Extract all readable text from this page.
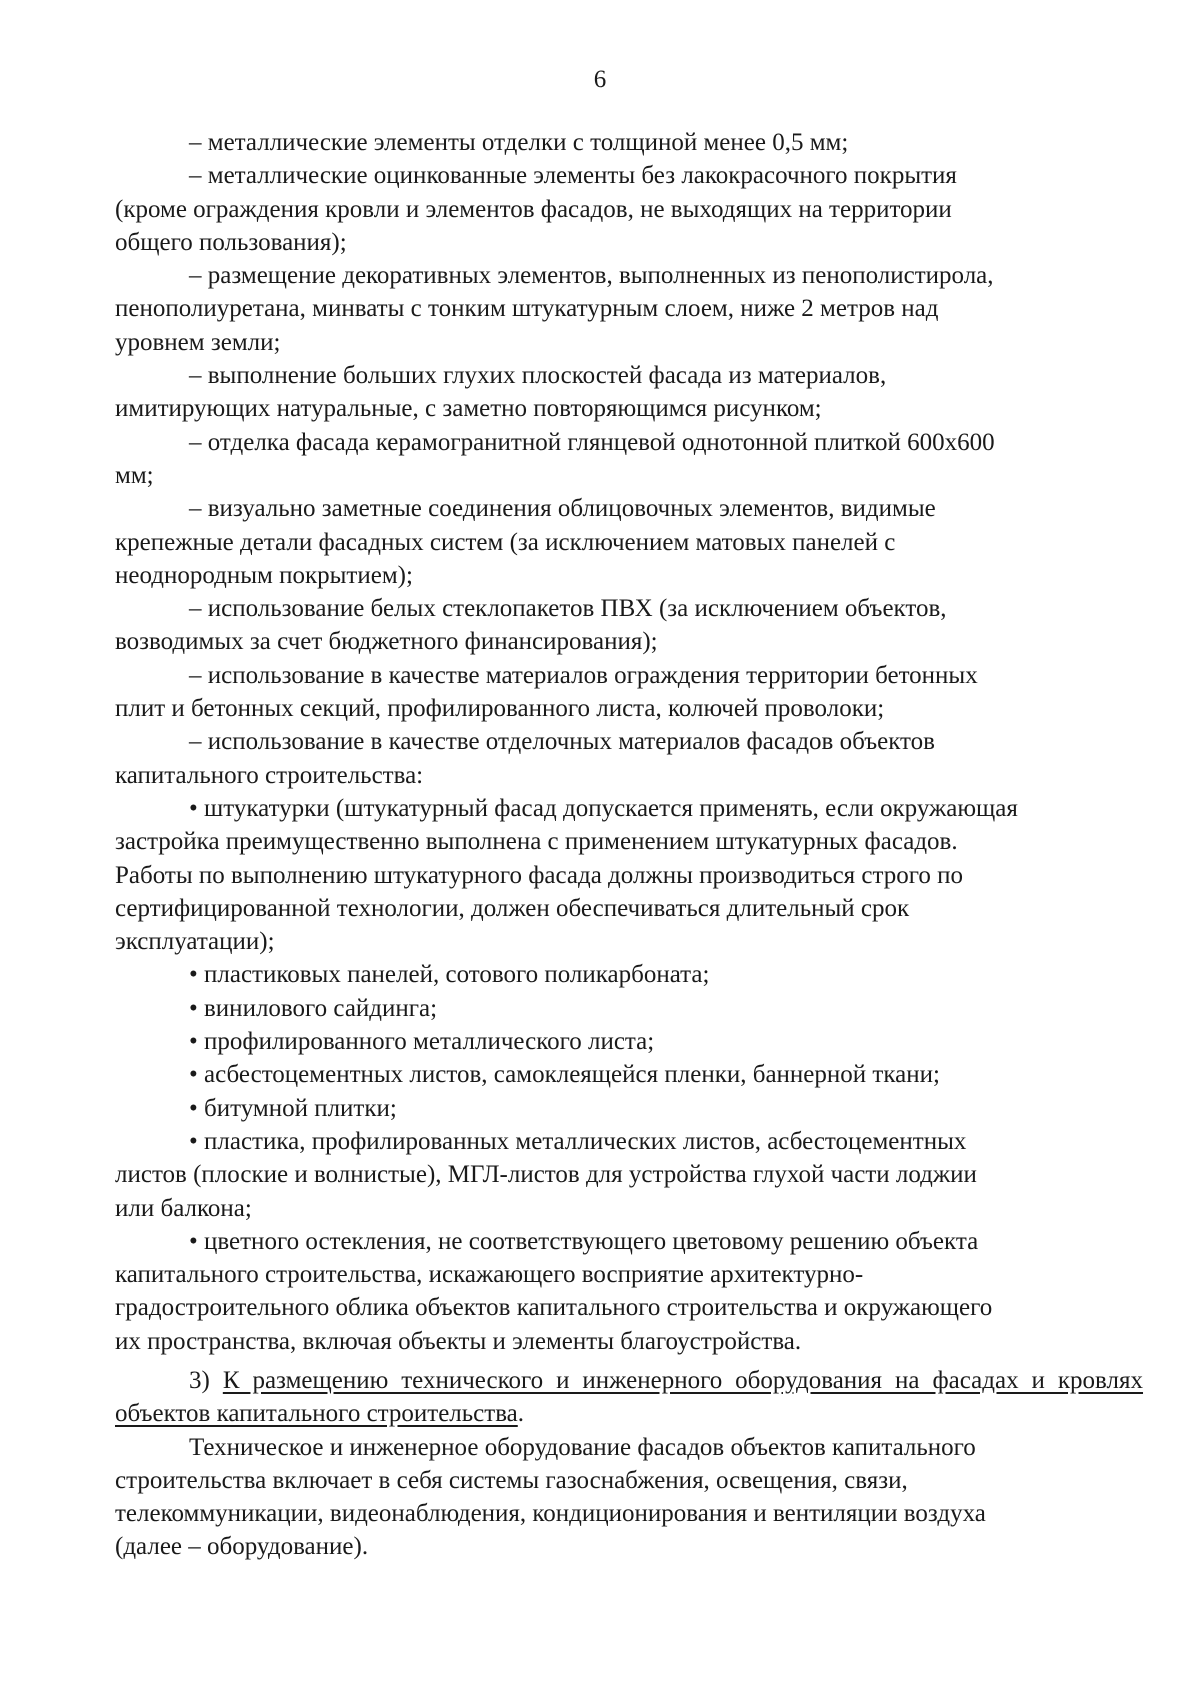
6

– металлические элементы отделки с толщиной менее 0,5 мм;

– металлические оцинкованные элементы без лакокрасочного покрытия
(кроме ограждения кровли и элементов фасадов, не выходящих на территории
общего пользования);

– размещение декоративных элементов, выполненных из пенополистирола,
пенополиуретана, минваты с тонким штукатурным слоем, ниже 2 метров над
уровнем земли;

– выполнение больших глухих плоскостей фасада из материалов,
имитирующих натуральные, с заметно повторяющимся рисунком;

– отделка фасада керамогранитной глянцевой однотонной плиткой 600х600
мм;

– визуально заметные соединения облицовочных элементов, видимые
крепежные детали фасадных систем (за исключением матовых панелей с
неоднородным покрытием);

– использование белых стеклопакетов ПВХ (за исключением объектов,
возводимых за счет бюджетного финансирования);

– использование в качестве материалов ограждения территории бетонных
плит и бетонных секций, профилированного листа, колючей проволоки;

– использование в качестве отделочных материалов фасадов объектов
капитального строительства:

• штукатурки (штукатурный фасад допускается применять, если окружающая
застройка преимущественно выполнена с применением штукатурных фасадов.
Работы по выполнению штукатурного фасада должны производиться строго по
сертифицированной технологии, должен обеспечиваться длительный срок
эксплуатации);

• пластиковых панелей, сотового поликарбоната;

• винилового сайдинга;

• профилированного металлического листа;

• асбестоцементных листов, самоклеящейся пленки, баннерной ткани;

• битумной плитки;

• пластика, профилированных металлических листов, асбестоцементных
листов (плоские и волнистые), МГЛ-листов для устройства глухой части лоджии
или балкона;

• цветного остекления, не соответствующего цветовому решению объекта
капитального строительства, искажающего восприятие архитектурно-
градостроительного облика объектов капитального строительства и окружающего
их пространства, включая объекты и элементы благоустройства.

3) К размещению технического и инженерного оборудования на фасадах и кровлях объектов капитального строительства.

Техническое и инженерное оборудование фасадов объектов капитального
строительства включает в себя системы газоснабжения, освещения, связи,
телекоммуникации, видеонаблюдения, кондиционирования и вентиляции воздуха
(далее – оборудование).
